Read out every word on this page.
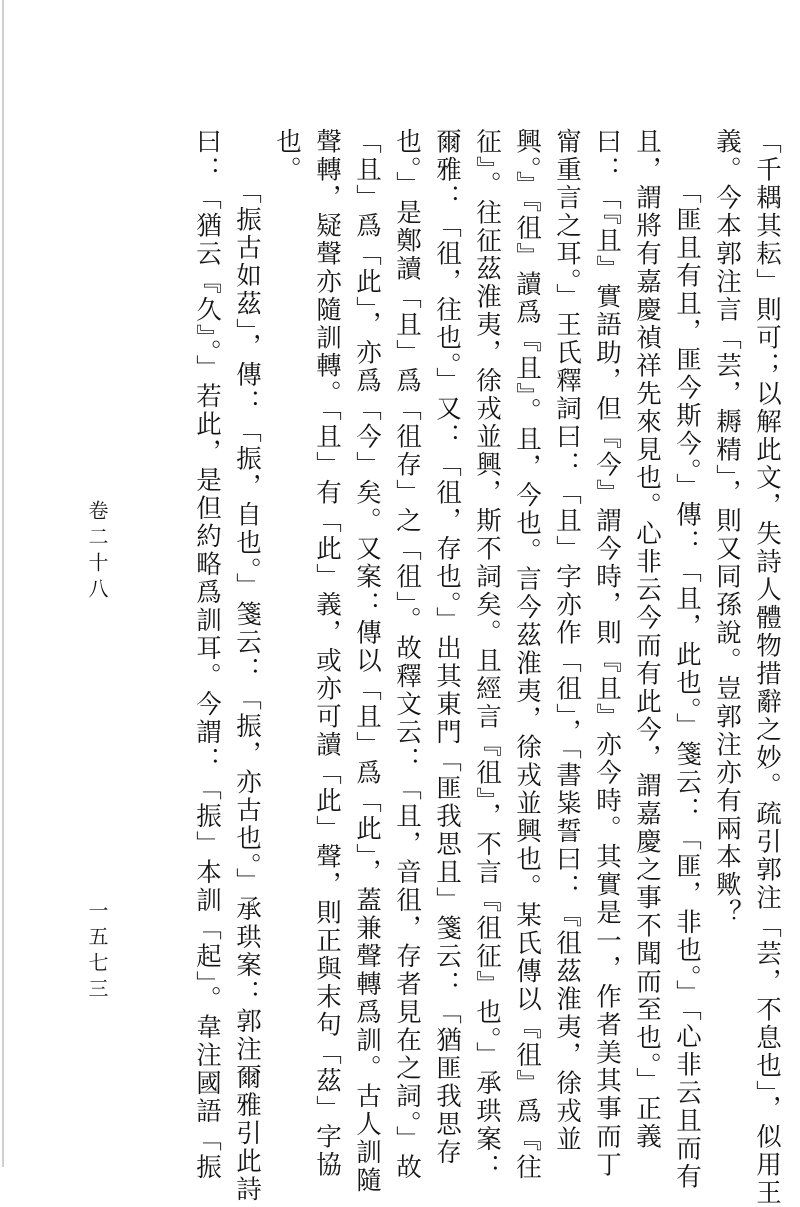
「千耦其耘」則可；以解此文，失詩人體物措辭之妙。疏引郭注「芸，不息也」，似用王
義。今本郭注言「芸，耨精」，則又同孫說。豈郭注亦有兩本歟？
「匪且有且，匪今斯今。」傳：「且，此也。」箋云：「匪，非也。」「心非云且而有
且，謂將有嘉慶禎祥先來見也。心非云今而有此今，謂嘉慶之事不聞而至也。」正義
曰：「『且』實語助，但『今』謂今時，則『且』亦今時。其實是一，作者美其事而丁
甯重言之耳。」王氏釋詞曰：「且」字亦作「徂」，「書粊誓曰：『徂茲淮夷，徐戎並
興。』『徂』讀爲『且』。且，今也。言今茲淮夷，徐戎並興也。某氏傳以『徂』爲『往
征』。往征茲淮夷，徐戎並興，斯不詞矣。且經言『徂』，不言『徂征』也。」承珙案：
爾雅：「徂，往也。」又：「徂，存也。」出其東門「匪我思且」箋云：「猶匪我思存
也。」是鄭讀「且」爲「徂存」之「徂」。故釋文云：「且，音徂，存者見在之詞。」故
「且」爲「此」，亦爲「今」矣。又案：傳以「且」爲「此」，蓋兼聲轉爲訓。古人訓隨
聲轉，疑聲亦隨訓轉。「且」有「此」義，或亦可讀「此」聲，則正與末句「茲」字協
也。
「振古如茲」，傳：「振，自也。」箋云：「振，亦古也。」承珙案：郭注爾雅引此詩
曰：「猶云『久』。」若此，是但約略爲訓耳。今謂：「振」本訓「起」。韋注國語「振
卷二十八
一五七三
